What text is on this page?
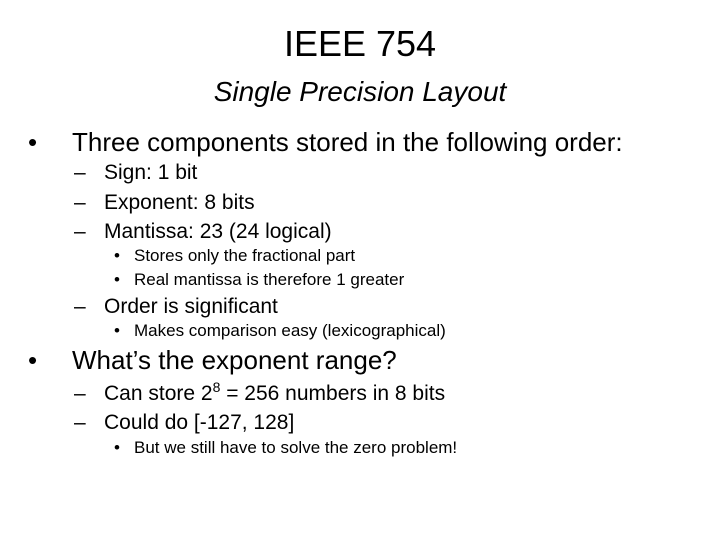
IEEE 754
Single Precision Layout
• Three components stored in the following order:
– Sign: 1 bit
– Exponent: 8 bits
– Mantissa: 23 (24 logical)
• Stores only the fractional part
• Real mantissa is therefore 1 greater
– Order is significant
• Makes comparison easy (lexicographical)
• What’s the exponent range?
– Can store $2^8 = 256$ numbers in 8 bits
– Could do [-127, 128]
• But we still have to solve the zero problem!
